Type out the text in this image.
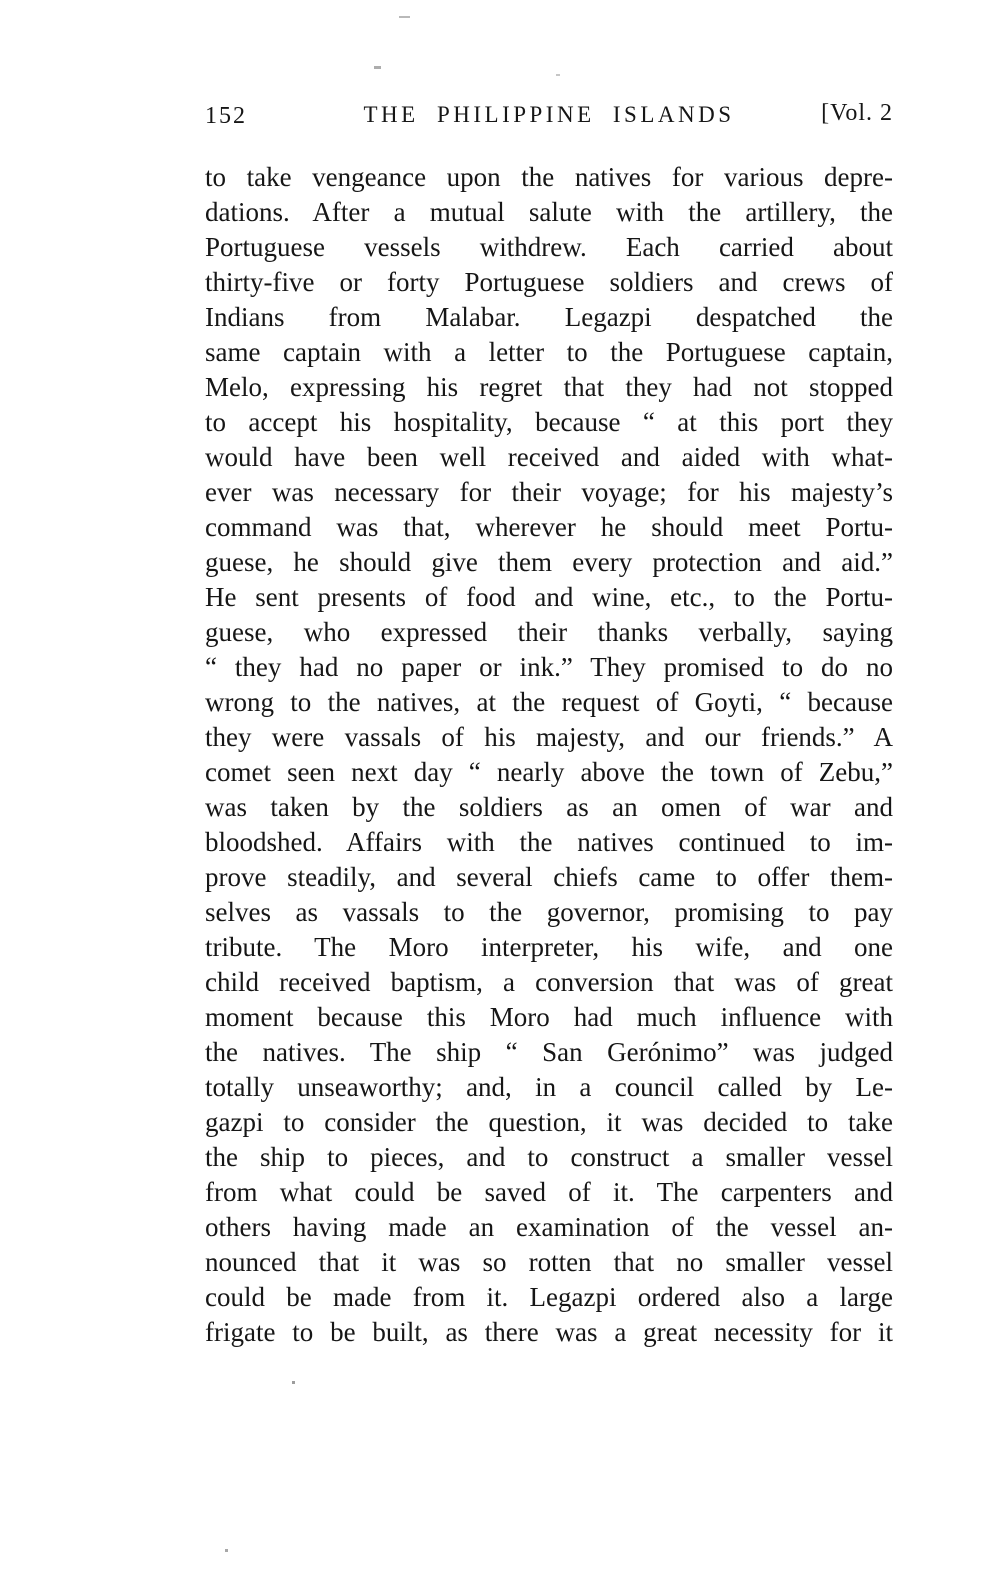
152	THE PHILIPPINE ISLANDS	[Vol. 2
to take vengeance upon the natives for various depre-
dations. After a mutual salute with the artillery, the
Portuguese vessels withdrew. Each carried about
thirty-five or forty Portuguese soldiers and crews of
Indians from Malabar. Legazpi despatched the
same captain with a letter to the Portuguese captain,
Melo, expressing his regret that they had not stopped
to accept his hospitality, because “ at this port they
would have been well received and aided with what-
ever was necessary for their voyage; for his majesty’s
command was that, wherever he should meet Portu-
guese, he should give them every protection and aid.”
He sent presents of food and wine, etc., to the Portu-
guese, who expressed their thanks verbally, saying
“ they had no paper or ink.” They promised to do no
wrong to the natives, at the request of Goyti, “ because
they were vassals of his majesty, and our friends.” A
comet seen next day “ nearly above the town of Zebu,”
was taken by the soldiers as an omen of war and
bloodshed. Affairs with the natives continued to im-
prove steadily, and several chiefs came to offer them-
selves as vassals to the governor, promising to pay
tribute. The Moro interpreter, his wife, and one
child received baptism, a conversion that was of great
moment because this Moro had much influence with
the natives. The ship “ San Gerónimo” was judged
totally unseaworthy; and, in a council called by Le-
gazpi to consider the question, it was decided to take
the ship to pieces, and to construct a smaller vessel
from what could be saved of it. The carpenters and
others having made an examination of the vessel an-
nounced that it was so rotten that no smaller vessel
could be made from it. Legazpi ordered also a large
frigate to be built, as there was a great necessity for it
